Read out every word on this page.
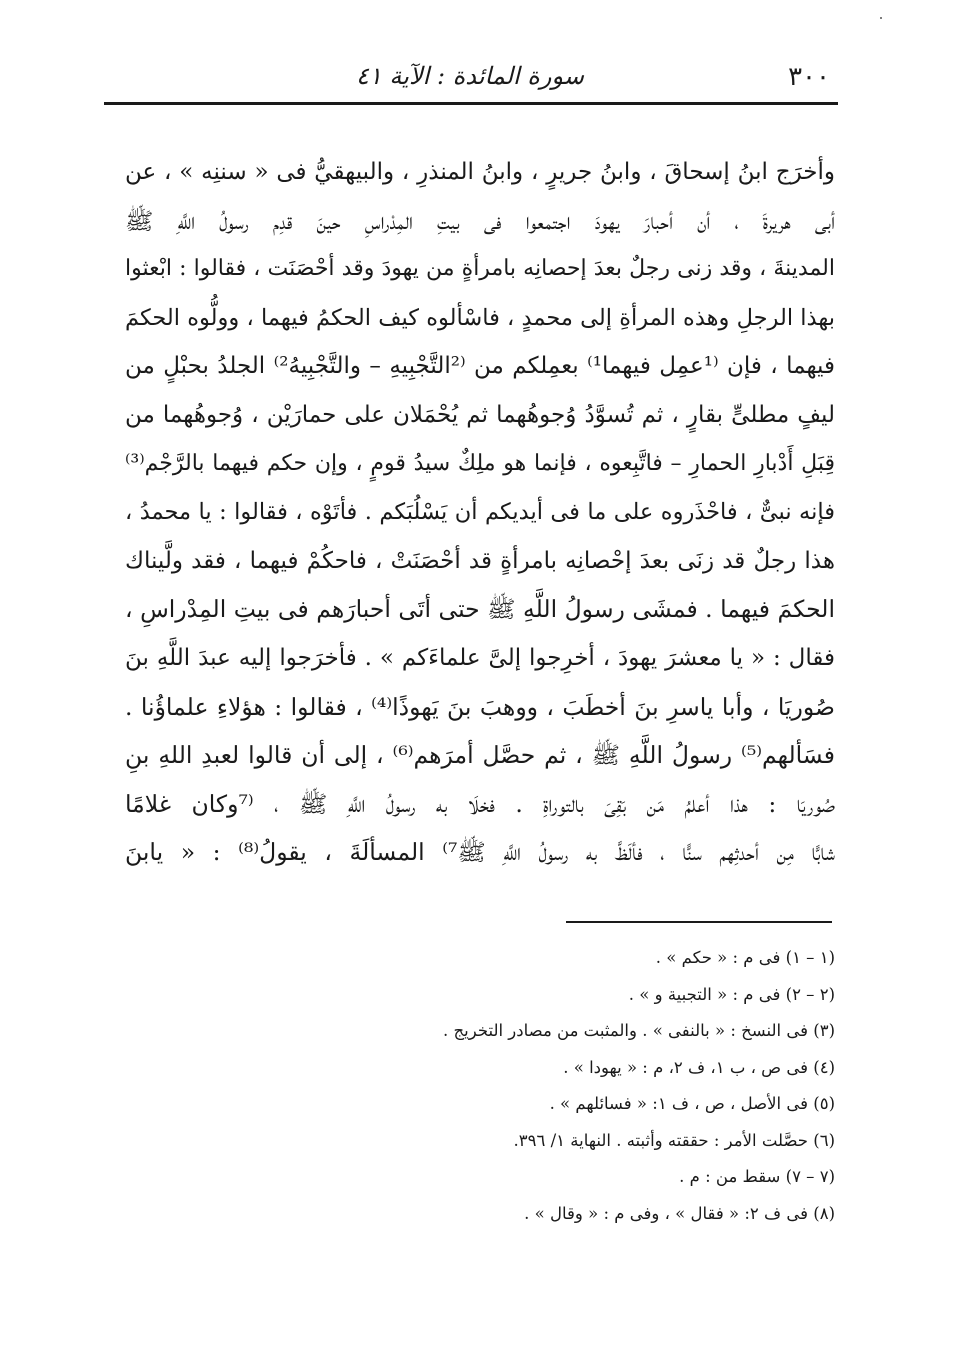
٣٠٠
سورة المائدة : الآية ٤١
وأخرَج ابنُ إسحاقَ ، وابنُ جريرٍ ، وابنُ المنذرِ ، والبيهقيُّ فى « سننِه » ، عن
أبى هريرةَ ، أن أحبارَ يهودَ اجتمعوا فى بيتِ المِدْراسِ حينَ قدِم رسولُ اللَّهِ ﷺ
المدينةَ ، وقد زنى رجلٌ بعدَ إحصانِه بامرأةٍ من يهودَ وقد أحْصَنَت ، فقالوا : ابْعثوا
بهذا الرجلِ وهذه المرأةِ إلى محمدٍ ، فاسْألوه كيف الحكمُ فيهما ، وولُّوه الحكمَ
فيهما ، فإن ⁽¹عمِل فيهما¹⁾ بعمِلكم من ⁽²التَّجْبِيهِ – والتَّجْبِيهُ²⁾ الجلدُ بحبْلٍ من
ليفٍ مطلىٍّ بقارٍ ، ثم تُسوَّدُ وُجوهُهما ثم يُحْمَلان على حمارَيْن ، وُجوهُهما من
قِبَلِ أَدْبارِ الحمارِ – فاتَّبِعوه ، فإنما هو ملِكٌ سيدُ قومٍ ، وإن حكم فيهما بالرَّجْم⁽³⁾
فإنه نبىٌّ ، فاحْذَروه على ما فى أيديكم أن يَسْلُبَكم . فأتَوْه ، فقالوا : يا محمدُ ،
هذا رجلٌ قد زنَى بعدَ إحْصانِه بامرأةٍ قد أحْصَنَتْ ، فاحكُمْ فيهما ، فقد ولَّيناك
الحكمَ فيهما . فمشَى رسولُ اللَّهِ ﷺ حتى أتَى أحبارَهم فى بيتِ المِدْراسِ ،
فقال : « يا معشرَ يهودَ ، أخرِجوا إلىَّ علماءَكم » . فأخرَجوا إليه عبدَ اللَّهِ بنَ
صُوريَا ، وأبا ياسرِ بنَ أخطَبَ ، ووهبَ بنَ يَهوذًا⁽⁴⁾ ، فقالوا : هؤلاءِ علماؤُنا .
فسَألهم⁽⁵⁾ رسولُ اللَّهِ ﷺ ، ثم حصَّل أمرَهم⁽⁶⁾ ، إلى أن قالوا لعبدِ اللهِ بنِ
صُوريَا : هذا أعلمُ مَن بَقِىَ بالتوراةِ . فخلَا به رسولُ اللَّهِ ﷺ ، ⁽⁷وكان غلامًا
شابًّا مِن أحدثِهم سنًّا ، فألَظَّ به رسولُ اللَّهِ ﷺ⁷⁾ المسألَةَ ، يقولُ⁽⁸⁾ : « يابنَ
(١ – ١) فى م : « حكم » .
(٢ – ٢) فى م : « التجبية و » .
(٣) فى النسخ : « بالنفى » . والمثبت من مصادر التخريج .
(٤) فى ص ، ب ١، ف ٢، م : « يهودا » .
(٥) فى الأصل ، ص ، ف ١: « فسائلهم » .
(٦) حصَّلت الأمر : حققته وأثبته . النهاية ١/ ٣٩٦.
(٧ – ٧) سقط من : م .
(٨) فى ف ٢: « فقال » ، وفى م : « وقال » .
